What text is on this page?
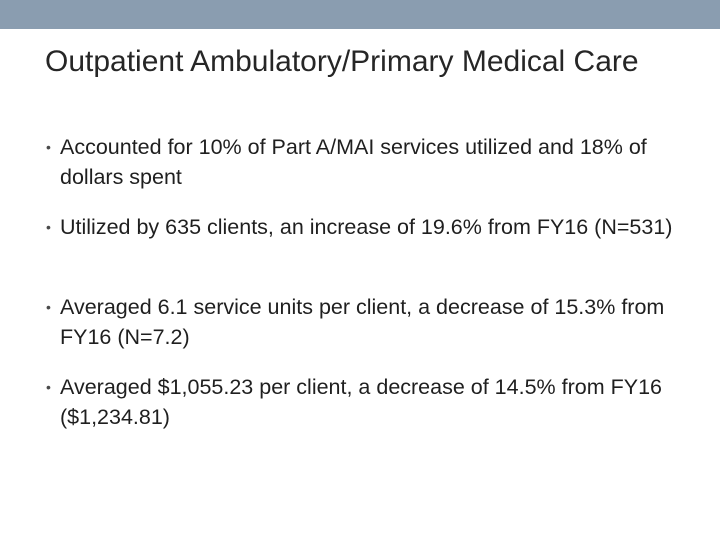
Outpatient Ambulatory/Primary Medical Care
• Accounted for 10% of Part A/MAI services utilized and 18% of dollars spent
• Utilized by 635 clients, an increase of 19.6% from FY16 (N=531)
• Averaged 6.1 service units per client, a decrease of 15.3% from FY16 (N=7.2)
• Averaged $1,055.23 per client, a decrease of 14.5% from FY16 ($1,234.81)
